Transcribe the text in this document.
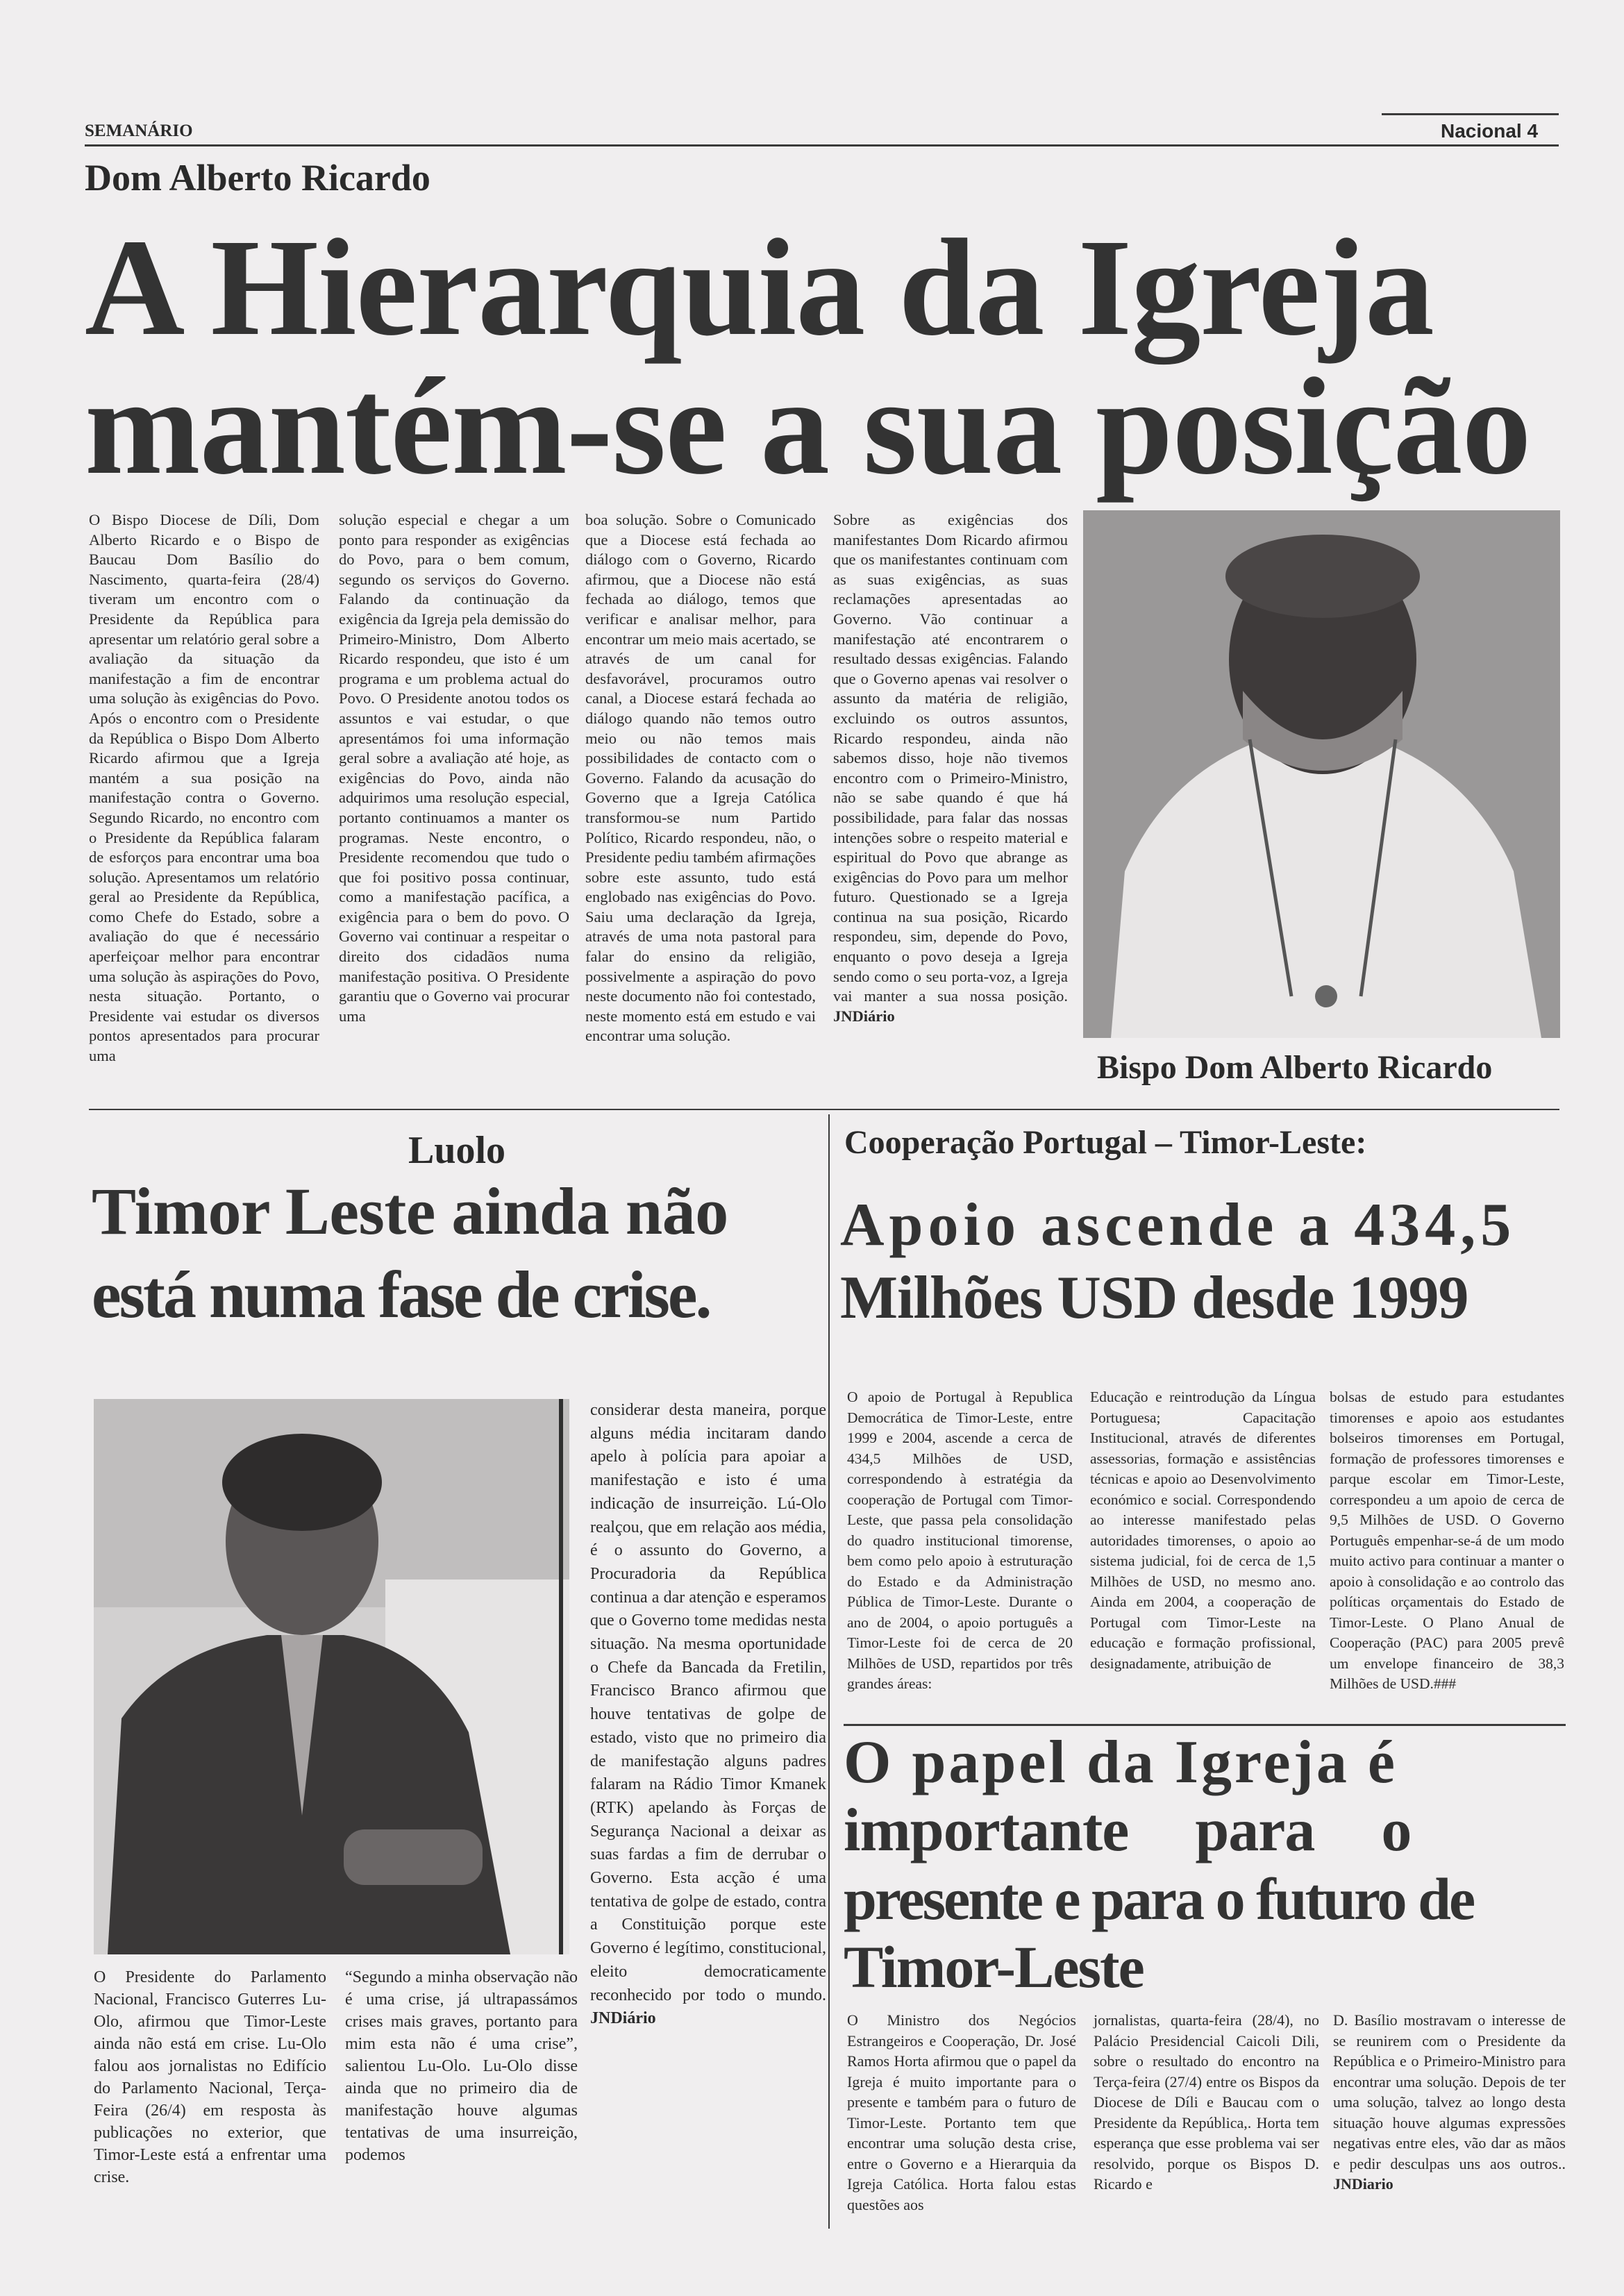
SEMANÁRIO	Nacional 4
Dom Alberto Ricardo
A Hierarquia da Igreja
mantém-se a sua posição

O Bispo Diocese de Díli, Dom Alberto Ricardo e o Bispo de Baucau Dom Basílio do Nascimento, quarta-feira (28/4) tiveram um encontro com o Presidente da República para apresentar um relatório geral sobre a avaliação da situação da manifestação a fim de encontrar uma solução às exigências do Povo. Após o encontro com o Presidente da República o Bispo Dom Alberto Ricardo afirmou que a Igreja mantém a sua posição na manifestação contra o Governo. Segundo Ricardo, no encontro com o Presidente da República falaram de esforços para encontrar uma boa solução. Apresentamos um relatório geral ao Presidente da República, como Chefe do Estado, sobre a avaliação do que é necessário aperfeiçoar melhor para encontrar uma solução às aspirações do Povo, nesta situação. Portanto, o Presidente vai estudar os diversos pontos apresentados para procurar uma

solução especial e chegar a um ponto para responder as exigências do Povo, para o bem comum, segundo os serviços do Governo. Falando da continuação da exigência da Igreja pela demissão do Primeiro-Ministro, Dom Alberto Ricardo respondeu, que isto é um programa e um problema actual do Povo. O Presidente anotou todos os assuntos e vai estudar, o que apresentámos foi uma informação geral sobre a avaliação até hoje, as exigências do Povo, ainda não adquirimos uma resolução especial, portanto continuamos a manter os programas. Neste encontro, o Presidente recomendou que tudo o que foi positivo possa continuar, como a manifestação pacífica, a exigência para o bem do povo. O Governo vai continuar a respeitar o direito dos cidadãos numa manifestação positiva. O Presidente garantiu que o Governo vai procurar uma

boa solução. Sobre o Comunicado que a Diocese está fechada ao diálogo com o Governo, Ricardo afirmou, que a Diocese não está fechada ao diálogo, temos que verificar e analisar melhor, para encontrar um meio mais acertado, se através de um canal for desfavorável, procuramos outro canal, a Diocese estará fechada ao diálogo quando não temos outro meio ou não temos mais possibilidades de contacto com o Governo. Falando da acusação do Governo que a Igreja Católica transformou-se num Partido Político, Ricardo respondeu, não, o Presidente pediu também afirmações sobre este assunto, tudo está englobado nas exigências do Povo. Saiu uma declaração da Igreja, através de uma nota pastoral para falar do ensino da religião, possivelmente a aspiração do povo neste documento não foi contestado, neste momento está em estudo e vai encontrar uma solução.

Sobre as exigências dos manifestantes Dom Ricardo afirmou que os manifestantes continuam com as suas exigências, as suas reclamações apresentadas ao Governo. Vão continuar a manifestação até encontrarem o resultado dessas exigências. Falando que o Governo apenas vai resolver o assunto da matéria de religião, excluindo os outros assuntos, Ricardo respondeu, ainda não sabemos disso, hoje não tivemos encontro com o Primeiro-Ministro, não se sabe quando é que há possibilidade, para falar das nossas intenções sobre o respeito material e espiritual do Povo que abrange as exigências do Povo para um melhor futuro. Questionado se a Igreja continua na sua posição, Ricardo respondeu, sim, depende do Povo, enquanto o povo deseja a Igreja sendo como o seu porta-voz, a Igreja vai manter a sua nossa posição. JNDiário

Bispo Dom Alberto Ricardo
Luolo
Timor Leste ainda não
está numa fase de crise.

O Presidente do Parlamento Nacional, Francisco Guterres Lu-Olo, afirmou que Timor-Leste ainda não está em crise. Lu-Olo falou aos jornalistas no Edifício do Parlamento Nacional, Terça-Feira (26/4) em resposta às publicações no exterior, que Timor-Leste está a enfrentar uma crise.

“Segundo a minha observação não é uma crise, já ultrapassámos crises mais graves, portanto para mim esta não é uma crise”, salientou Lu-Olo. Lu-Olo disse ainda que no primeiro dia de manifestação houve algumas tentativas de uma insurreição, podemos

considerar desta maneira, porque alguns média incitaram dando apelo à polícia para apoiar a manifestação e isto é uma indicação de insurreição. Lú-Olo realçou, que em relação aos média, é o assunto do Governo, a Procuradoria da República continua a dar atenção e esperamos que o Governo tome medidas nesta situação. Na mesma oportunidade o Chefe da Bancada da Fretilin, Francisco Branco afirmou que houve tentativas de golpe de estado, visto que no primeiro dia de manifestação alguns padres falaram na Rádio Timor Kmanek (RTK) apelando às Forças de Segurança Nacional a deixar as suas fardas a fim de derrubar o Governo. Esta acção é uma tentativa de golpe de estado, contra a Constituição porque este Governo é legítimo, constitucional, eleito democraticamente reconhecido por todo o mundo. JNDiário

Cooperação Portugal – Timor-Leste:
Apoio ascende a 434,5
Milhões USD desde 1999

O apoio de Portugal à Republica Democrática de Timor-Leste, entre 1999 e 2004, ascende a cerca de 434,5 Milhões de USD, correspondendo à estratégia da cooperação de Portugal com Timor-Leste, que passa pela consolidação do quadro institucional timorense, bem como pelo apoio à estruturação do Estado e da Administração Pública de Timor-Leste. Durante o ano de 2004, o apoio português a Timor-Leste foi de cerca de 20 Milhões de USD, repartidos por três grandes áreas:

Educação e reintrodução da Língua Portuguesa; Capacitação Institucional, através de diferentes assessorias, formação e assistências técnicas e apoio ao Desenvolvimento económico e social. Correspondendo ao interesse manifestado pelas autoridades timorenses, o apoio ao sistema judicial, foi de cerca de 1,5 Milhões de USD, no mesmo ano. Ainda em 2004, a cooperação de Portugal com Timor-Leste na educação e formação profissional, designadamente, atribuição de

bolsas de estudo para estudantes timorenses e apoio aos estudantes bolseiros timorenses em Portugal, formação de professores timorenses e parque escolar em Timor-Leste, correspondeu a um apoio de cerca de 9,5 Milhões de USD. O Governo Português empenhar-se-á de um modo muito activo para continuar a manter o apoio à consolidação e ao controlo das políticas orçamentais do Estado de Timor-Leste. O Plano Anual de Cooperação (PAC) para 2005 prevê um envelope financeiro de 38,3 Milhões de USD.###

O papel da Igreja é
importante para o
presente e para o futuro de
Timor-Leste

O Ministro dos Negócios Estrangeiros e Cooperação, Dr. José Ramos Horta afirmou que o papel da Igreja é muito importante para o presente e também para o futuro de Timor-Leste. Portanto tem que encontrar uma solução desta crise, entre o Governo e a Hierarquia da Igreja Católica. Horta falou estas questões aos

jornalistas, quarta-feira (28/4), no Palácio Presidencial Caicoli Dili, sobre o resultado do encontro na Terça-feira (27/4) entre os Bispos da Diocese de Díli e Baucau com o Presidente da República,. Horta tem esperança que esse problema vai ser resolvido, porque os Bispos D. Ricardo e

D. Basílio mostravam o interesse de se reunirem com o Presidente da República e o Primeiro-Ministro para encontrar uma solução. Depois de ter uma solução, talvez ao longo desta situação houve algumas expressões negativas entre eles, vão dar as mãos e pedir desculpas uns aos outros.. JNDiario
